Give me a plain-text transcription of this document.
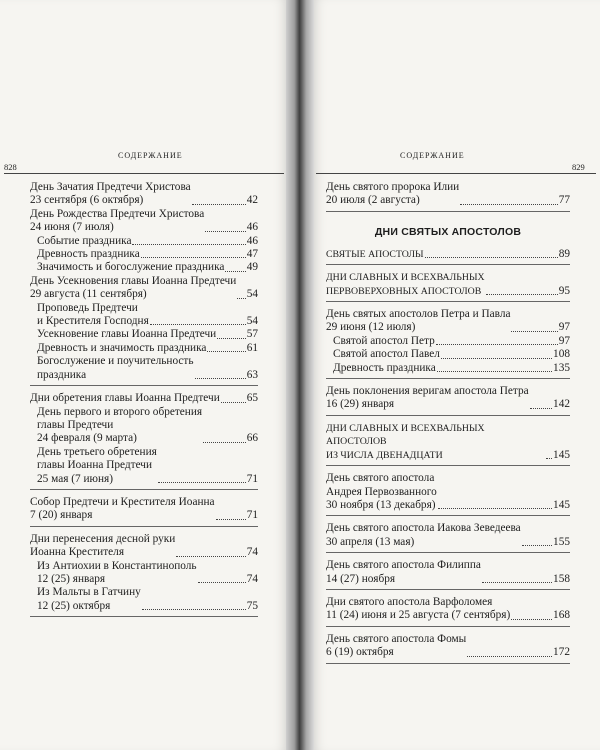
828
СОДЕРЖАНИЕ
829
СОДЕРЖАНИЕ
День Зачатия Предтечи Христова
23 сентября (6 октября)	42
День Рождества Предтечи Христова
24 июня (7 июля)	46
Событие праздника	46
Древность праздника	47
Значимость и богослужение праздника 49
День Усекновения главы Иоанна Предтечи
29 августа (11 сентября)	54
Проповедь Предтечи
и Крестителя Господня	54
Усекновение главы Иоанна Предтечи	57
Древность и значимость праздника	61
Богослужение и поучительность
праздника	63
Дни обретения главы Иоанна Предтечи 65
День первого и второго обретения
главы Предтечи
24 февраля (9 марта)	66
День третьего обретения
главы Иоанна Предтечи
25 мая (7 июня)	71
Собор Предтечи и Крестителя Иоанна
7 (20) января	71
Дни перенесения десной руки
Иоанна Крестителя	74
Из Антиохии в Константинополь
12 (25) января	74
Из Мальты в Гатчину
12 (25) октября	75
День святого пророка Илии
20 июля (2 августа)	77
ДНИ СВЯТЫХ АПОСТОЛОВ
СВЯТЫЕ АПОСТОЛЫ	89
ДНИ СЛАВНЫХ И ВСЕХВАЛЬНЫХ
ПЕРВОВЕРХОВНЫХ АПОСТОЛОВ	95
День святых апостолов Петра и Павла
29 июня (12 июля)	97
Святой апостол Петр	97
Святой апостол Павел	108
Древность праздника	135
День поклонения веригам апостола Петра
16 (29) января	142
ДНИ СЛАВНЫХ И ВСЕХВАЛЬНЫХ АПОСТОЛОВ
ИЗ ЧИСЛА ДВЕНАДЦАТИ	145
День святого апостола
Андрея Первозванного
30 ноября (13 декабря)	145
День святого апостола Иакова Зеведеева
30 апреля (13 мая)	155
День святого апостола Филиппа
14 (27) ноября	158
Дни святого апостола Варфоломея
11 (24) июня и 25 августа (7 сентября)	168
День святого апостола Фомы
6 (19) октября	172
